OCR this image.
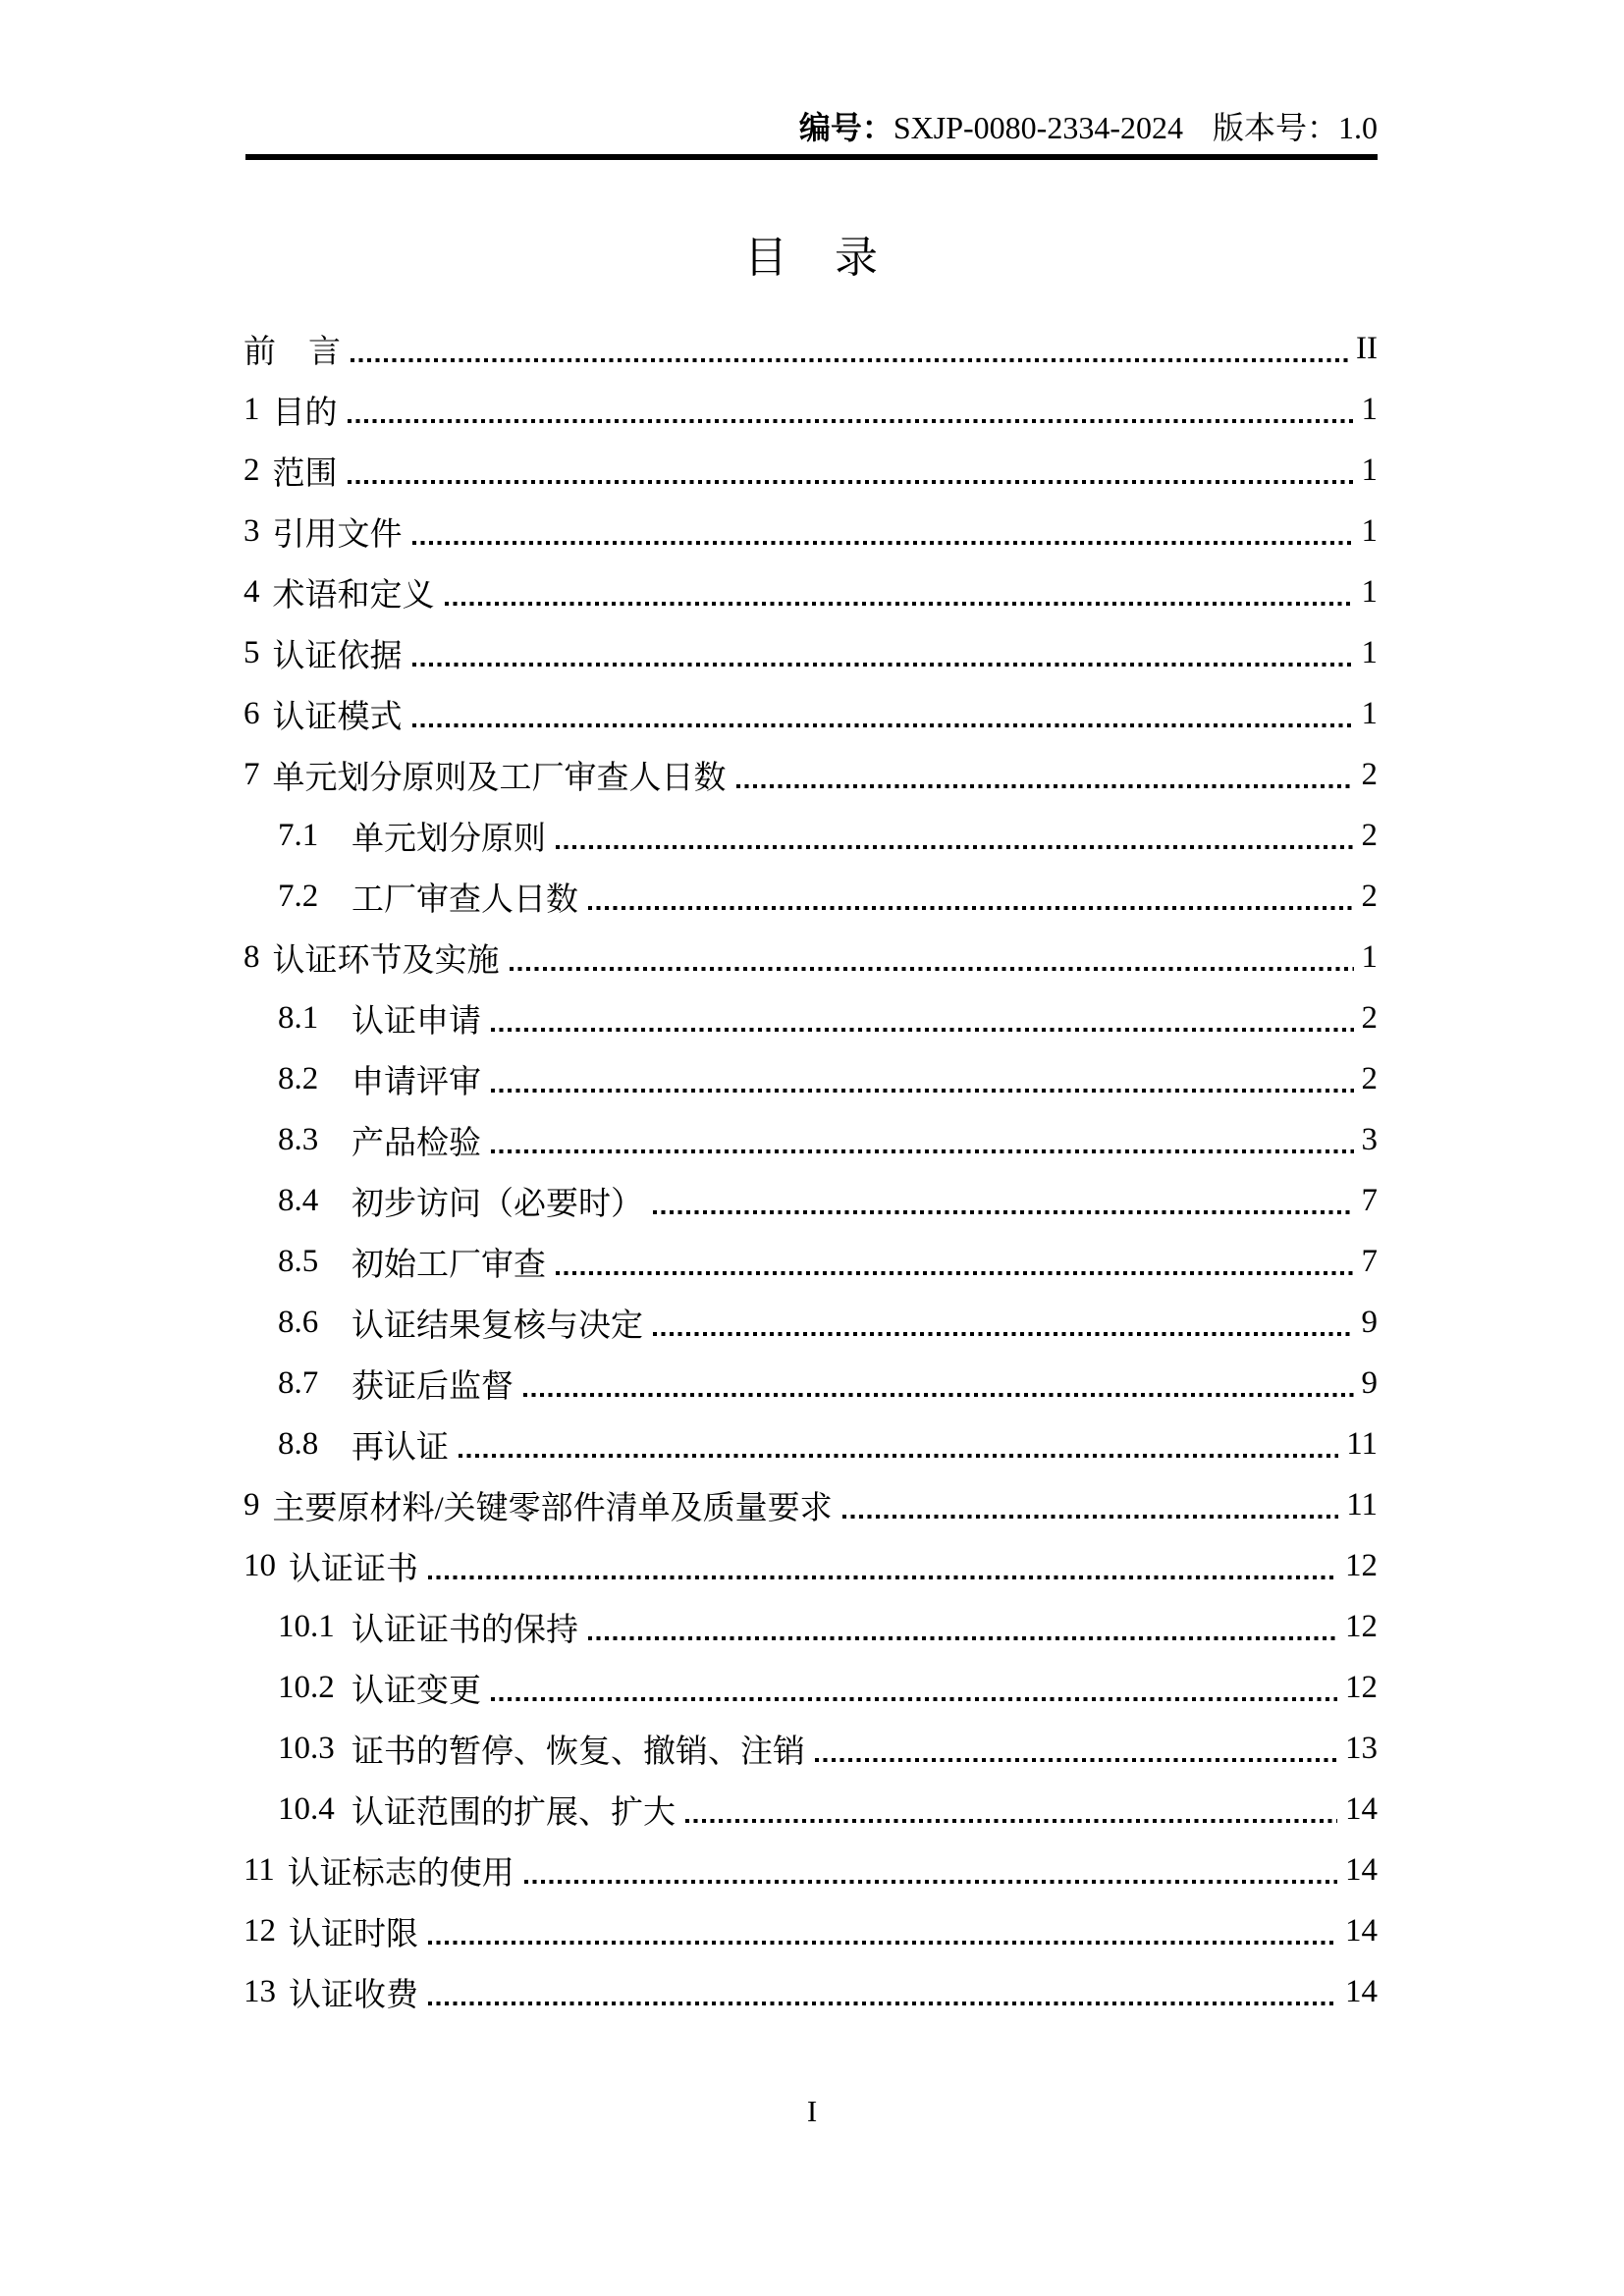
编号：SXJP-0080-2334-2024 版本号：1.0
目　录
前　言	II
1 目的	1
2 范围	1
3 引用文件	1
4 术语和定义	1
5 认证依据	1
6 认证模式	1
7 单元划分原则及工厂审查人日数	2
7.1	单元划分原则	2
7.2	工厂审查人日数	2
8 认证环节及实施	1
8.1	认证申请	2
8.2	申请评审	2
8.3	产品检验	3
8.4	初步访问（必要时）	7
8.5	初始工厂审查	7
8.6	认证结果复核与决定	9
8.7	获证后监督	9
8.8	再认证	11
9 主要原材料/关键零部件清单及质量要求	11
10 认证证书	12
10.1 认证证书的保持	12
10.2 认证变更	12
10.3 证书的暂停、恢复、撤销、注销	13
10.4 认证范围的扩展、扩大	14
11 认证标志的使用	14
12 认证时限	14
13 认证收费	14
I
